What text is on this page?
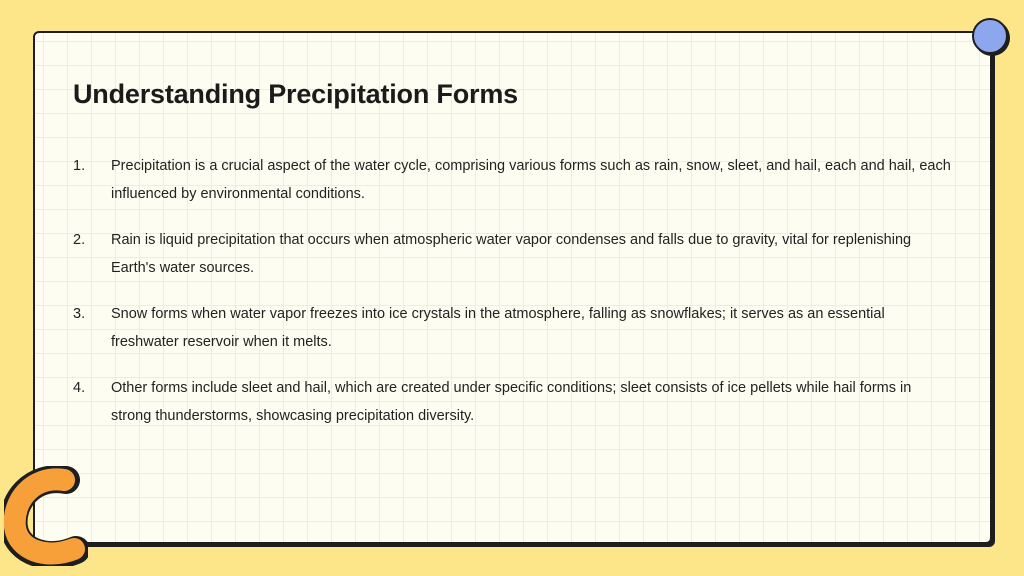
Understanding Precipitation Forms
1.	Precipitation is a crucial aspect of the water cycle, comprising various forms such as rain, snow, sleet, and hail, each and hail, each influenced by environmental conditions.
2.	Rain is liquid precipitation that occurs when atmospheric water vapor condenses and falls due to gravity, vital for replenishing Earth's water sources.
3.	Snow forms when water vapor freezes into ice crystals in the atmosphere, falling as snowflakes; it serves as an essential freshwater reservoir when it melts.
4.	Other forms include sleet and hail, which are created under specific conditions; sleet consists of ice pellets while hail forms in strong thunderstorms, showcasing precipitation diversity.
